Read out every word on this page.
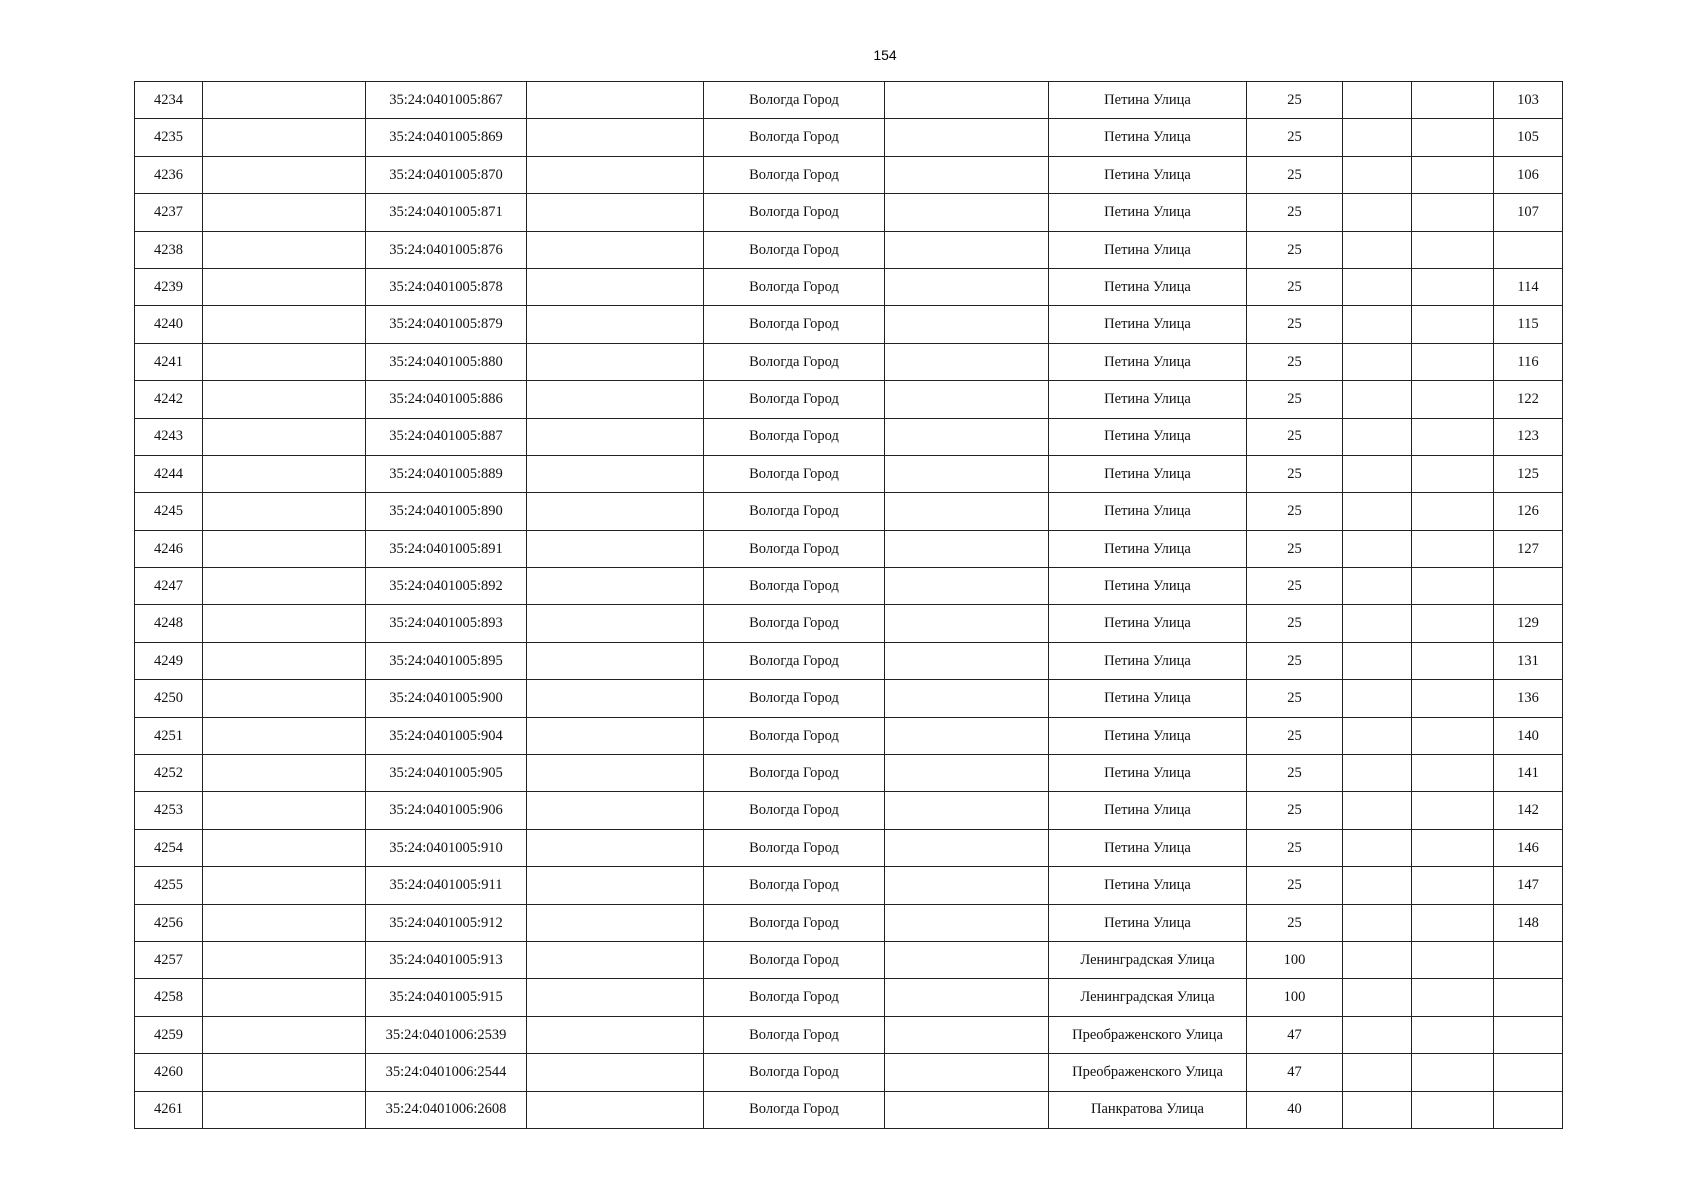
154
4234		35:24:0401005:867		Вологда Город		Петина Улица	25			103
4235		35:24:0401005:869		Вологда Город		Петина Улица	25			105
4236		35:24:0401005:870		Вологда Город		Петина Улица	25			106
4237		35:24:0401005:871		Вологда Город		Петина Улица	25			107
4238		35:24:0401005:876		Вологда Город		Петина Улица	25			
4239		35:24:0401005:878		Вологда Город		Петина Улица	25			114
4240		35:24:0401005:879		Вологда Город		Петина Улица	25			115
4241		35:24:0401005:880		Вологда Город		Петина Улица	25			116
4242		35:24:0401005:886		Вологда Город		Петина Улица	25			122
4243		35:24:0401005:887		Вологда Город		Петина Улица	25			123
4244		35:24:0401005:889		Вологда Город		Петина Улица	25			125
4245		35:24:0401005:890		Вологда Город		Петина Улица	25			126
4246		35:24:0401005:891		Вологда Город		Петина Улица	25			127
4247		35:24:0401005:892		Вологда Город		Петина Улица	25			
4248		35:24:0401005:893		Вологда Город		Петина Улица	25			129
4249		35:24:0401005:895		Вологда Город		Петина Улица	25			131
4250		35:24:0401005:900		Вологда Город		Петина Улица	25			136
4251		35:24:0401005:904		Вологда Город		Петина Улица	25			140
4252		35:24:0401005:905		Вологда Город		Петина Улица	25			141
4253		35:24:0401005:906		Вологда Город		Петина Улица	25			142
4254		35:24:0401005:910		Вологда Город		Петина Улица	25			146
4255		35:24:0401005:911		Вологда Город		Петина Улица	25			147
4256		35:24:0401005:912		Вологда Город		Петина Улица	25			148
4257		35:24:0401005:913		Вологда Город		Ленинградская Улица	100			
4258		35:24:0401005:915		Вологда Город		Ленинградская Улица	100			
4259		35:24:0401006:2539		Вологда Город		Преображенского Улица	47			
4260		35:24:0401006:2544		Вологда Город		Преображенского Улица	47			
4261		35:24:0401006:2608		Вологда Город		Панкратова Улица	40			
